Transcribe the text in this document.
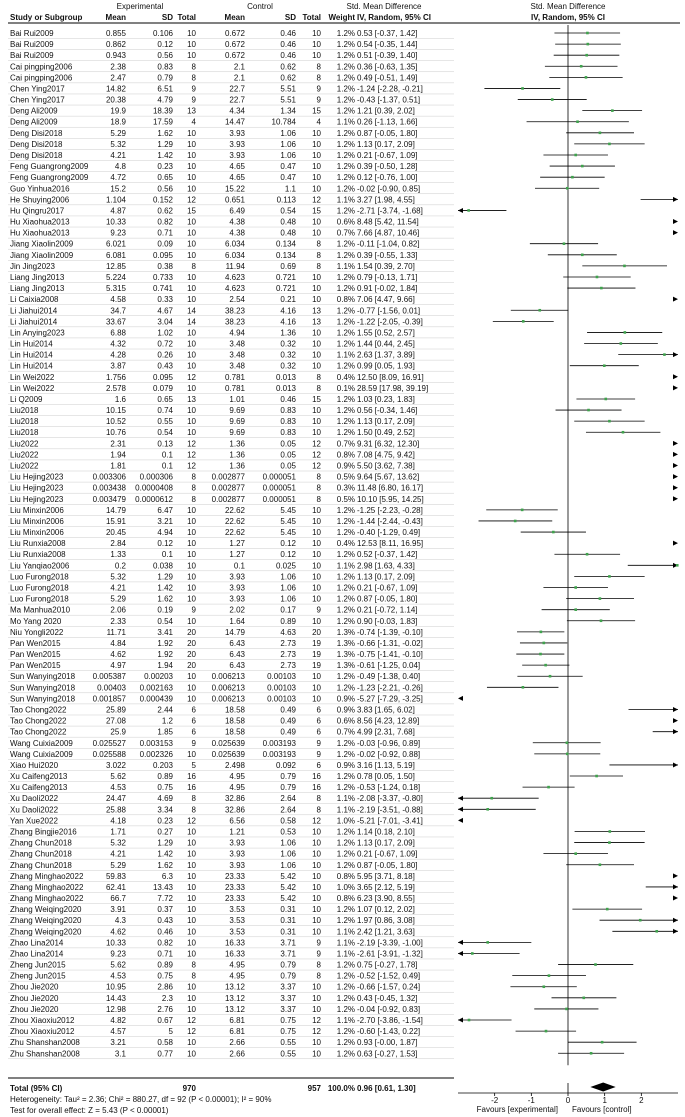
Experimental	Control	Std. Mean Difference	Std. Mean Difference
Study or Subgroup	Mean	SD Total	Mean	SD Total Weight IV, Random, 95% CI	IV, Random, 95% CI
Bai Rui2009	0.855	0.106 10	0.672	0.46 10 1.2% 0.53 [-0.37, 1.42]
Bai Rui2009	0.862	0.12 10	0.672	0.46 10 1.2% 0.54 [-0.35, 1.44]
Bai Rui2009	0.943	0.56 10	0.672	0.46 10 1.2% 0.51 [-0.39, 1.40]
Cai pingping2006	2.38	0.83 8	2.1	0.62	8 1.2% 0.36 [-0.63, 1.35]
Cai pingping2006	2.47	0.79 8	2.1	0.62	8 1.2% 0.49 [-0.51, 1.49]
Chen Ying2017	14.82	6.51 9	22.7	5.51	9 1.2% -1.24 [-2.28, -0.21]
Chen Ying2017	20.38	4.79 9	22.7	5.51	9 1.2% -0.43 [-1.37, 0.51]
Deng Ali2009	19.9	18.39 13	4.34	1.34 15 1.2% 1.21 [0.39, 2.02]
Deng Ali2009	18.9	17.59 4	14.47	10.784	4 1.1% 0.26 [-1.13, 1.66]
Deng Disi2018	5.29	1.62 10	3.93	1.06 10 1.2% 0.87 [-0.05, 1.80]
Deng Disi2018	5.32	1.29 10	3.93	1.06 10 1.2% 1.13 [0.17, 2.09]
Deng Disi2018	4.21	1.42 10	3.93	1.06 10 1.2% 0.21 [-0.67, 1.09]
Feng Guangrong2009	4.8	0.23 10	4.65	0.47 10 1.2% 0.39 [-0.50, 1.28]
Feng Guangrong2009	4.72	0.65 10	4.65	0.47 10 1.2% 0.12 [-0.76, 1.00]
Guo Yinhua2016	15.2	0.56 10	15.22	1.1 10 1.2% -0.02 [-0.90, 0.85]
He Shuying2006	1.104	0.152 12	0.651	0.113 12 1.1% 3.27 [1.98, 4.55]
Hu Qingru2017	4.87	0.62 15	6.49	0.54 15 1.2% -2.71 [-3.74, -1.68]
Hu Xiaohua2013	10.33	0.82 10	4.38	0.48 10 0.6% 8.48 [5.42, 11.54]
Hu Xiaohua2013	9.23	0.71 10	4.38	0.48 10 0.7% 7.66 [4.87, 10.46]
Jiang Xiaolin2009	6.021	0.09 10	6.034	0.134	8 1.2% -0.11 [-1.04, 0.82]
Jiang Xiaolin2009	6.081	0.095 10	6.034	0.134	8 1.2% 0.39 [-0.55, 1.33]
Jin Jing2023	12.85	0.38 8	11.94	0.69	8 1.1% 1.54 [0.39, 2.70]
Liang Jing2013	5.224	0.733 10	4.623	0.721 10 1.2% 0.79 [-0.13, 1.71]
Liang Jing2013	5.315	0.741 10	4.623	0.721 10 1.2% 0.91 [-0.02, 1.84]
Li Caixia2008	4.58	0.33 10	2.54	0.21 10 0.8% 7.06 [4.47, 9.66]
Li Jiahui2014	34.7	4.67 14	38.23	4.16 13 1.2% -0.77 [-1.56, 0.01]
Li Jiahui2014	33.67	3.04 14	38.23	4.16 13 1.2% -1.22 [-2.05, -0.39]
Lin Anying2023	6.88	1.02 10	4.94	1.36 10 1.2% 1.55 [0.52, 2.57]
Lin Hui2014	4.32	0.72 10	3.48	0.32 10 1.2% 1.44 [0.44, 2.45]
Lin Hui2014	4.28	0.26 10	3.48	0.32 10 1.1% 2.63 [1.37, 3.89]
Lin Hui2014	3.87	0.43 10	3.48	0.32 10 1.2% 0.99 [0.05, 1.93]
Lin Wei2022	1.756	0.095 12	0.781	0.013	8 0.4% 12.50 [8.09, 16.91]
Lin Wei2022	2.578	0.079 10	0.781	0.013	8 0.1% 28.59 [17.98, 39.19]
Li Q2009	1.6	0.65 13	1.01	0.46 15 1.2% 1.03 [0.23, 1.83]
Liu2018	10.15	0.74 10	9.69	0.83 10 1.2% 0.56 [-0.34, 1.46]
Liu2018	10.52	0.55 10	9.69	0.83 10 1.2% 1.13 [0.17, 2.09]
Liu2018	10.76	0.54 10	9.69	0.83 10 1.2% 1.50 [0.49, 2.52]
Liu2022	2.31	0.13 12	1.36	0.05 12 0.7% 9.31 [6.32, 12.30]
Liu2022	1.94	0.1 12	1.36	0.05 12 0.8% 7.08 [4.75, 9.42]
Liu2022	1.81	0.1 12	1.36	0.05 12 0.9% 5.50 [3.62, 7.38]
Liu Hejing2023	0.003306 0.000306 8 0.002877 0.000051	8 0.5% 9.64 [5.67, 13.62]
Liu Hejing2023	0.003438 0.0000408 8 0.002877 0.000051	8 0.3% 11.48 [6.80, 16.17]
Liu Hejing2023	0.003479 0.0000612 8 0.002877 0.000051	8 0.5% 10.10 [5.95, 14.25]
Liu Minxin2006	14.79	6.47 10	22.62	5.45 10 1.2% -1.25 [-2.23, -0.28]
Liu Minxin2006	15.91	3.21 10	22.62	5.45 10 1.2% -1.44 [-2.44, -0.43]
Liu Minxin2006	20.45	4.94 10	22.62	5.45 10 1.2% -0.40 [-1.29, 0.49]
Liu Runxia2008	2.84	0.12 10	1.27	0.12 10 0.4% 12.53 [8.11, 16.95]
Liu Runxia2008	1.33	0.1 10	1.27	0.12 10 1.2% 0.52 [-0.37, 1.42]
Liu Yanqiao2006	0.2	0.038 10	0.1	0.025 10 1.1% 2.98 [1.63, 4.33]
Luo Furong2018	5.32	1.29 10	3.93	1.06 10 1.2% 1.13 [0.17, 2.09]
Luo Furong2018	4.21	1.42 10	3.93	1.06 10 1.2% 0.21 [-0.67, 1.09]
Luo Furong2018	5.29	1.62 10	3.93	1.06 10 1.2% 0.87 [-0.05, 1.80]
Ma Manhua2010	2.06	0.19 9	2.02	0.17	9 1.2% 0.21 [-0.72, 1.14]
Mo Yang 2020	2.33	0.54 10	1.64	0.89 10 1.2% 0.90 [-0.03, 1.83]
Niu Yongli2022	11.71	3.41 20	14.79	4.63 20 1.3% -0.74 [-1.39, -0.10]
Pan Wen2015	4.84	1.92 20	6.43	2.73 19 1.3% -0.66 [-1.31, -0.02]
Pan Wen2015	4.62	1.92 20	6.43	2.73 19 1.3% -0.75 [-1.41, -0.10]
Pan Wen2015	4.97	1.94 20	6.43	2.73 19 1.3% -0.61 [-1.25, 0.04]
Sun Wanying2018 0.005387 0.00203 10 0.006213	0.00103 10 1.2% -0.49 [-1.38, 0.40]
Sun Wanying2018	0.00403 0.002163 10 0.006213	0.00103 10 1.2% -1.23 [-2.21, -0.26]
Sun Wanying2018 0.001857 0.000439 10 0.006213	0.00103 10 0.9% -5.27 [-7.29, -3.25]
Tao Chong2022	25.89	2.44 6	18.58	0.49	6 0.9% 3.83 [1.65, 6.02]
Tao Chong2022	27.08	1.2 6	18.58	0.49	6 0.6% 8.56 [4.23, 12.89]
Tao Chong2022	25.9	1.85 6	18.58	0.49	6 0.7% 4.99 [2.31, 7.68]
Wang Cuixia2009 0.025527 0.003153 9 0.025639 0.003193	9 1.2% -0.03 [-0.96, 0.89]
Wang Cuixia2009 0.025588 0.002326 10 0.025639 0.003193	9 1.2% -0.02 [-0.92, 0.88]
Xiao Hui2020	3.022	0.203 5	2.498	0.092	6 0.9% 3.16 [1.13, 5.19]
Xu Caifeng2013	5.62	0.89 16	4.95	0.79 16 1.2% 0.78 [0.05, 1.50]
Xu Caifeng2013	4.53	0.75 16	4.95	0.79 16 1.2% -0.53 [-1.24, 0.18]
Xu Daoli2022	24.47	4.69 8	32.86	2.64	8 1.1% -2.08 [-3.37, -0.80]
Xu Daoli2022	25.88	3.34 8	32.86	2.64	8 1.1% -2.19 [-3.51, -0.88]
Yan Xue2022	4.18	0.23 12	6.56	0.58 12 1.0% -5.21 [-7.01, -3.41]
Zhang Bingjie2016	1.71	0.27 10	1.21	0.53 10 1.2% 1.14 [0.18, 2.10]
Zhang Chun2018	5.32	1.29 10	3.93	1.06 10 1.2% 1.13 [0.17, 2.09]
Zhang Chun2018	4.21	1.42 10	3.93	1.06 10 1.2% 0.21 [-0.67, 1.09]
Zhang Chun2018	5.29	1.62 10	3.93	1.06 10 1.2% 0.87 [-0.05, 1.80]
Zhang Minghao2022	59.83	6.3 10	23.33	5.42 10 0.8% 5.95 [3.71, 8.18]
Zhang Minghao2022	62.41	13.43 10	23.33	5.42 10 1.0% 3.65 [2.12, 5.19]
Zhang Minghao2022	66.7	7.72 10	23.33	5.42 10 0.8% 6.23 [3.90, 8.55]
Zhang Weiqing2020	3.91	0.37 10	3.53	0.31 10 1.2% 1.07 [0.12, 2.02]
Zhang Weiqing2020	4.3	0.43 10	3.53	0.31 10 1.2% 1.97 [0.86, 3.08]
Zhang Weiqing2020	4.62	0.46 10	3.53	0.31 10 1.1% 2.42 [1.21, 3.63]
Zhao Lina2014	10.33	0.82 10	16.33	3.71	9 1.1% -2.19 [-3.39, -1.00]
Zhao Lina2014	9.23	0.71 10	16.33	3.71	9 1.1% -2.61 [-3.91, -1.32]
Zheng Jun2015	5.62	0.89 8	4.95	0.79	8 1.2% 0.75 [-0.27, 1.78]
Zheng Jun2015	4.53	0.75 8	4.95	0.79	8 1.2% -0.52 [-1.52, 0.49]
Zhou Jie2020	10.95	2.86 10	13.12	3.37 10 1.2% -0.66 [-1.57, 0.24]
Zhou Jie2020	14.43	2.3 10	13.12	3.37 10 1.2% 0.43 [-0.45, 1.32]
Zhou Jie2020	12.98	2.76 10	13.12	3.37 10 1.2% -0.04 [-0.92, 0.83]
Zhou Xiaoxiu2012	4.82	0.67 12	6.81	0.75 12 1.1% -2.70 [-3.86, -1.54]
Zhou Xiaoxiu2012	4.57	5 12	6.81	0.75 12 1.2% -0.60 [-1.43, 0.22]
Zhu Shanshan2008	3.21	0.58 10	2.66	0.55 10 1.2% 0.93 [-0.00, 1.87]
Zhu Shanshan2008	3.1	0.77 10	2.66	0.55 10 1.2% 0.63 [-0.27, 1.53]
-2	-1	0	1	2
Total (95% CI)	970	957 100.0% 0.96 [0.61, 1.30]
Heterogeneity: Tau² = 2.36; Chi² = 880.27, df = 92 (P < 0.00001); I² = 90%
Test for overall effect: Z = 5.43 (P < 0.00001)	Favours [experimental] Favours [control]
